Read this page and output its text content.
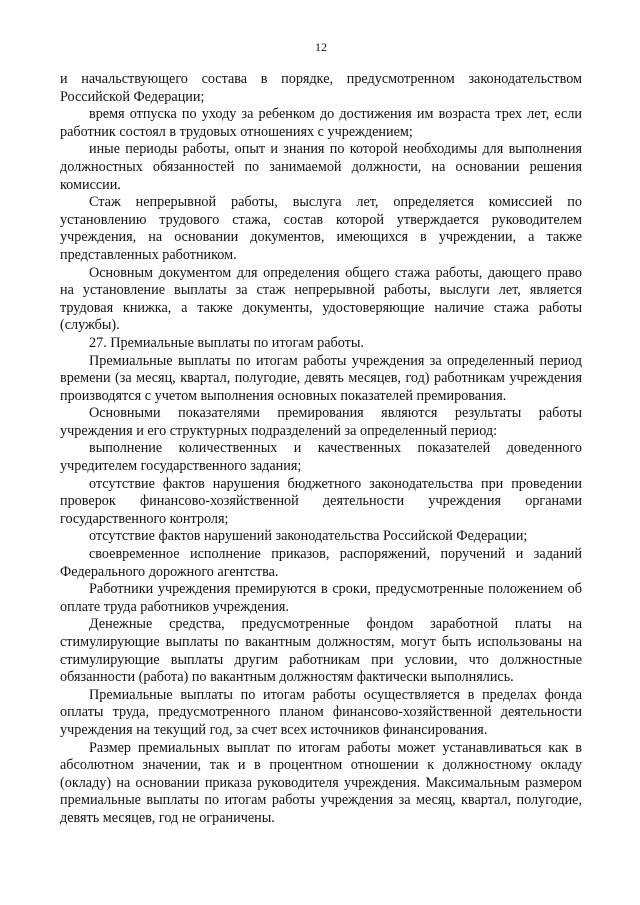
12

и начальствующего состава в порядке, предусмотренном законодательством Российской Федерации;

время отпуска по уходу за ребенком до достижения им возраста трех лет, если работник состоял в трудовых отношениях с учреждением;

иные периоды работы, опыт и знания по которой необходимы для выполнения должностных обязанностей по занимаемой должности, на основании решения комиссии.

Стаж непрерывной работы, выслуга лет, определяется комиссией по установлению трудового стажа, состав которой утверждается руководителем учреждения, на основании документов, имеющихся в учреждении, а также представленных работником.

Основным документом для определения общего стажа работы, дающего право на установление выплаты за стаж непрерывной работы, выслуги лет, является трудовая книжка, а также документы, удостоверяющие наличие стажа работы (службы).

27. Премиальные выплаты по итогам работы.

Премиальные выплаты по итогам работы учреждения за определенный период времени (за месяц, квартал, полугодие, девять месяцев, год) работникам учреждения производятся с учетом выполнения основных показателей премирования.

Основными показателями премирования являются результаты работы учреждения и его структурных подразделений за определенный период:

выполнение количественных и качественных показателей доведенного учредителем государственного задания;

отсутствие фактов нарушения бюджетного законодательства при проведении проверок финансово-хозяйственной деятельности учреждения органами государственного контроля;

отсутствие фактов нарушений законодательства Российской Федерации;

своевременное исполнение приказов, распоряжений, поручений и заданий Федерального дорожного агентства.

Работники учреждения премируются в сроки, предусмотренные положением об оплате труда работников учреждения.

Денежные средства, предусмотренные фондом заработной платы на стимулирующие выплаты по вакантным должностям, могут быть использованы на стимулирующие выплаты другим работникам при условии, что должностные обязанности (работа) по вакантным должностям фактически выполнялись.

Премиальные выплаты по итогам работы осуществляется в пределах фонда оплаты труда, предусмотренного планом финансово-хозяйственной деятельности учреждения на текущий год, за счет всех источников финансирования.

Размер премиальных выплат по итогам работы может устанавливаться как в абсолютном значении, так и в процентном отношении к должностному окладу (окладу) на основании приказа руководителя учреждения. Максимальным размером премиальные выплаты по итогам работы учреждения за месяц, квартал, полугодие, девять месяцев, год не ограничены.
